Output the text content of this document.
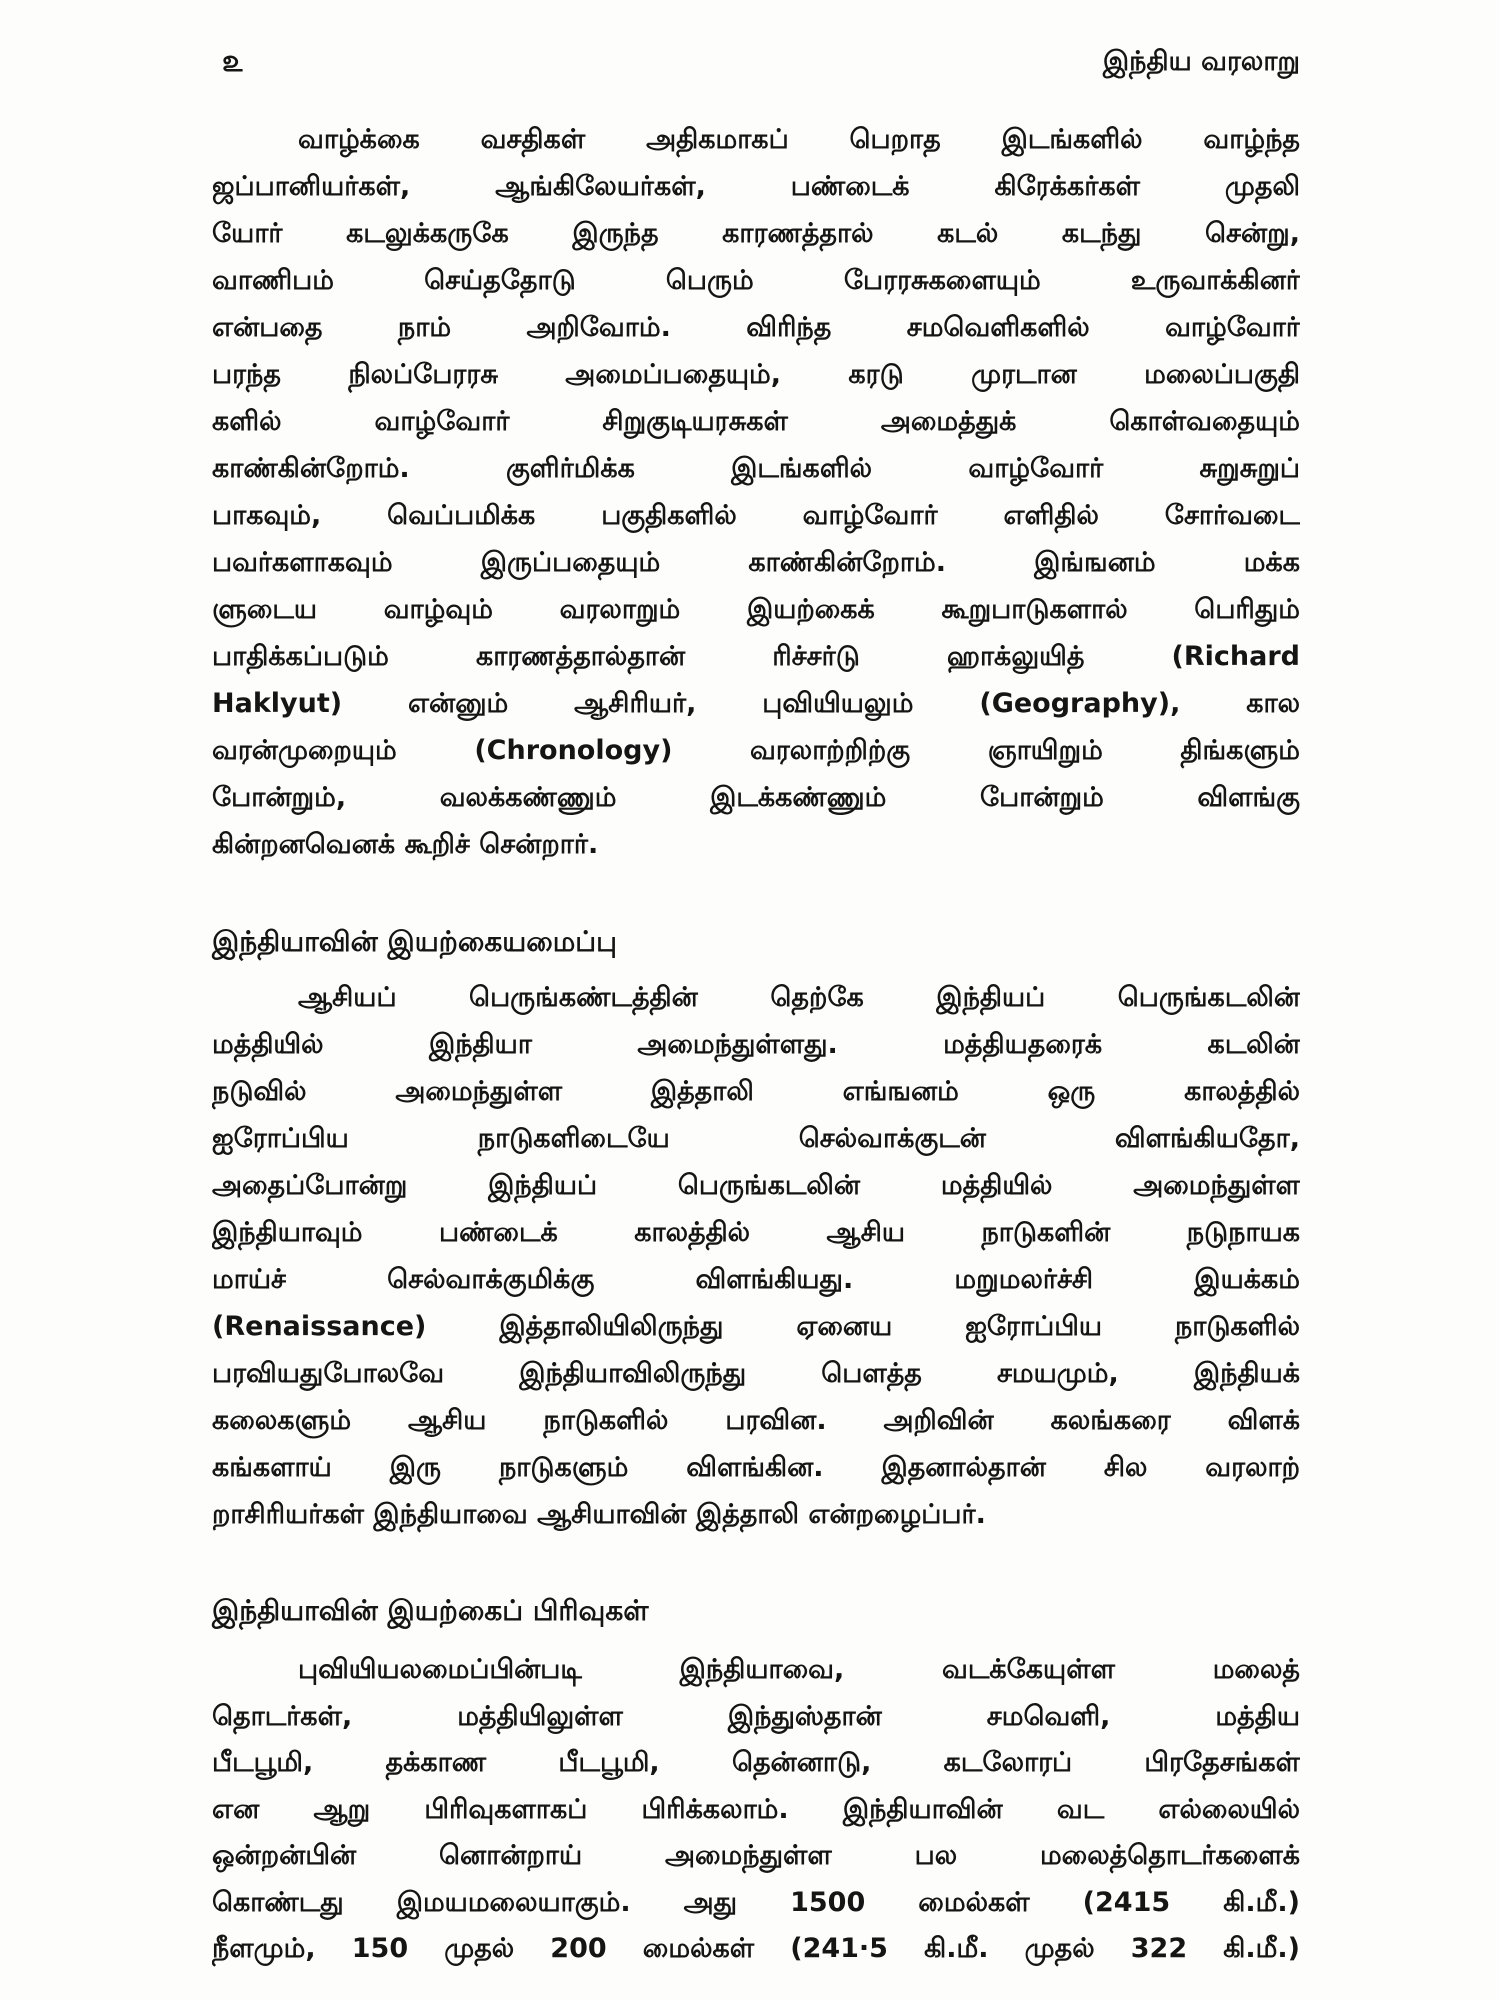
௨	இந்திய வரலாறு
வாழ்க்கை வசதிகள் அதிகமாகப் பெறாத இடங்களில் வாழ்ந்த
ஜப்பானியர்கள், ஆங்கிலேயர்கள், பண்டைக் கிரேக்கர்கள் முதலி
யோர் கடலுக்கருகே இருந்த காரணத்தால் கடல் கடந்து சென்று,
வாணிபம் செய்ததோடு பெரும் பேரரசுகளையும் உருவாக்கினர்
என்பதை நாம் அறிவோம். விரிந்த சமவெளிகளில் வாழ்வோர்
பரந்த நிலப்பேரரசு அமைப்பதையும், கரடு முரடான மலைப்பகுதி
களில் வாழ்வோர் சிறுகுடியரசுகள் அமைத்துக் கொள்வதையும்
காண்கின்றோம். குளிர்மிக்க இடங்களில் வாழ்வோர் சுறுசுறுப்
பாகவும், வெப்பமிக்க பகுதிகளில் வாழ்வோர் எளிதில் சோர்வடை
பவர்களாகவும் இருப்பதையும் காண்கின்றோம். இங்ஙனம் மக்க
ளுடைய வாழ்வும் வரலாறும் இயற்கைக் கூறுபாடுகளால் பெரிதும்
பாதிக்கப்படும் காரணத்தால்தான் ரிச்சர்டு ஹாக்லுயித் (Richard
Haklyut) என்னும் ஆசிரியர், புவியியலும் (Geography), கால
வரன்முறையும் (Chronology) வரலாற்றிற்கு ஞாயிறும் திங்களும்
போன்றும், வலக்கண்ணும் இடக்கண்ணும் போன்றும் விளங்கு
கின்றனவெனக் கூறிச் சென்றார்.
இந்தியாவின் இயற்கையமைப்பு
ஆசியப் பெருங்கண்டத்தின் தெற்கே இந்தியப் பெருங்கடலின்
மத்தியில் இந்தியா அமைந்துள்ளது. மத்தியதரைக் கடலின்
நடுவில் அமைந்துள்ள இத்தாலி எங்ஙனம் ஒரு காலத்தில்
ஐரோப்பிய நாடுகளிடையே செல்வாக்குடன் விளங்கியதோ,
அதைப்போன்று இந்தியப் பெருங்கடலின் மத்தியில் அமைந்துள்ள
இந்தியாவும் பண்டைக் காலத்தில் ஆசிய நாடுகளின் நடுநாயக
மாய்ச் செல்வாக்குமிக்கு விளங்கியது. மறுமலர்ச்சி இயக்கம்
(Renaissance) இத்தாலியிலிருந்து ஏனைய ஐரோப்பிய நாடுகளில்
பரவியதுபோலவே இந்தியாவிலிருந்து பௌத்த சமயமும், இந்தியக்
கலைகளும் ஆசிய நாடுகளில் பரவின. அறிவின் கலங்கரை விளக்
கங்களாய் இரு நாடுகளும் விளங்கின. இதனால்தான் சில வரலாற்
றாசிரியர்கள் இந்தியாவை ஆசியாவின் இத்தாலி என்றழைப்பர்.
இந்தியாவின் இயற்கைப் பிரிவுகள்
புவியியலமைப்பின்படி இந்தியாவை, வடக்கேயுள்ள மலைத்
தொடர்கள், மத்தியிலுள்ள இந்துஸ்தான் சமவெளி, மத்திய
பீடபூமி, தக்காண பீடபூமி, தென்னாடு, கடலோரப் பிரதேசங்கள்
என ஆறு பிரிவுகளாகப் பிரிக்கலாம். இந்தியாவின் வட எல்லையில்
ஒன்றன்பின் னொன்றாய் அமைந்துள்ள பல மலைத்தொடர்களைக்
கொண்டது இமயமலையாகும். அது 1500 மைல்கள் (2415 கி.மீ.)
நீளமும், 150 முதல் 200 மைல்கள் (241·5 கி.மீ. முதல் 322 கி.மீ.)
